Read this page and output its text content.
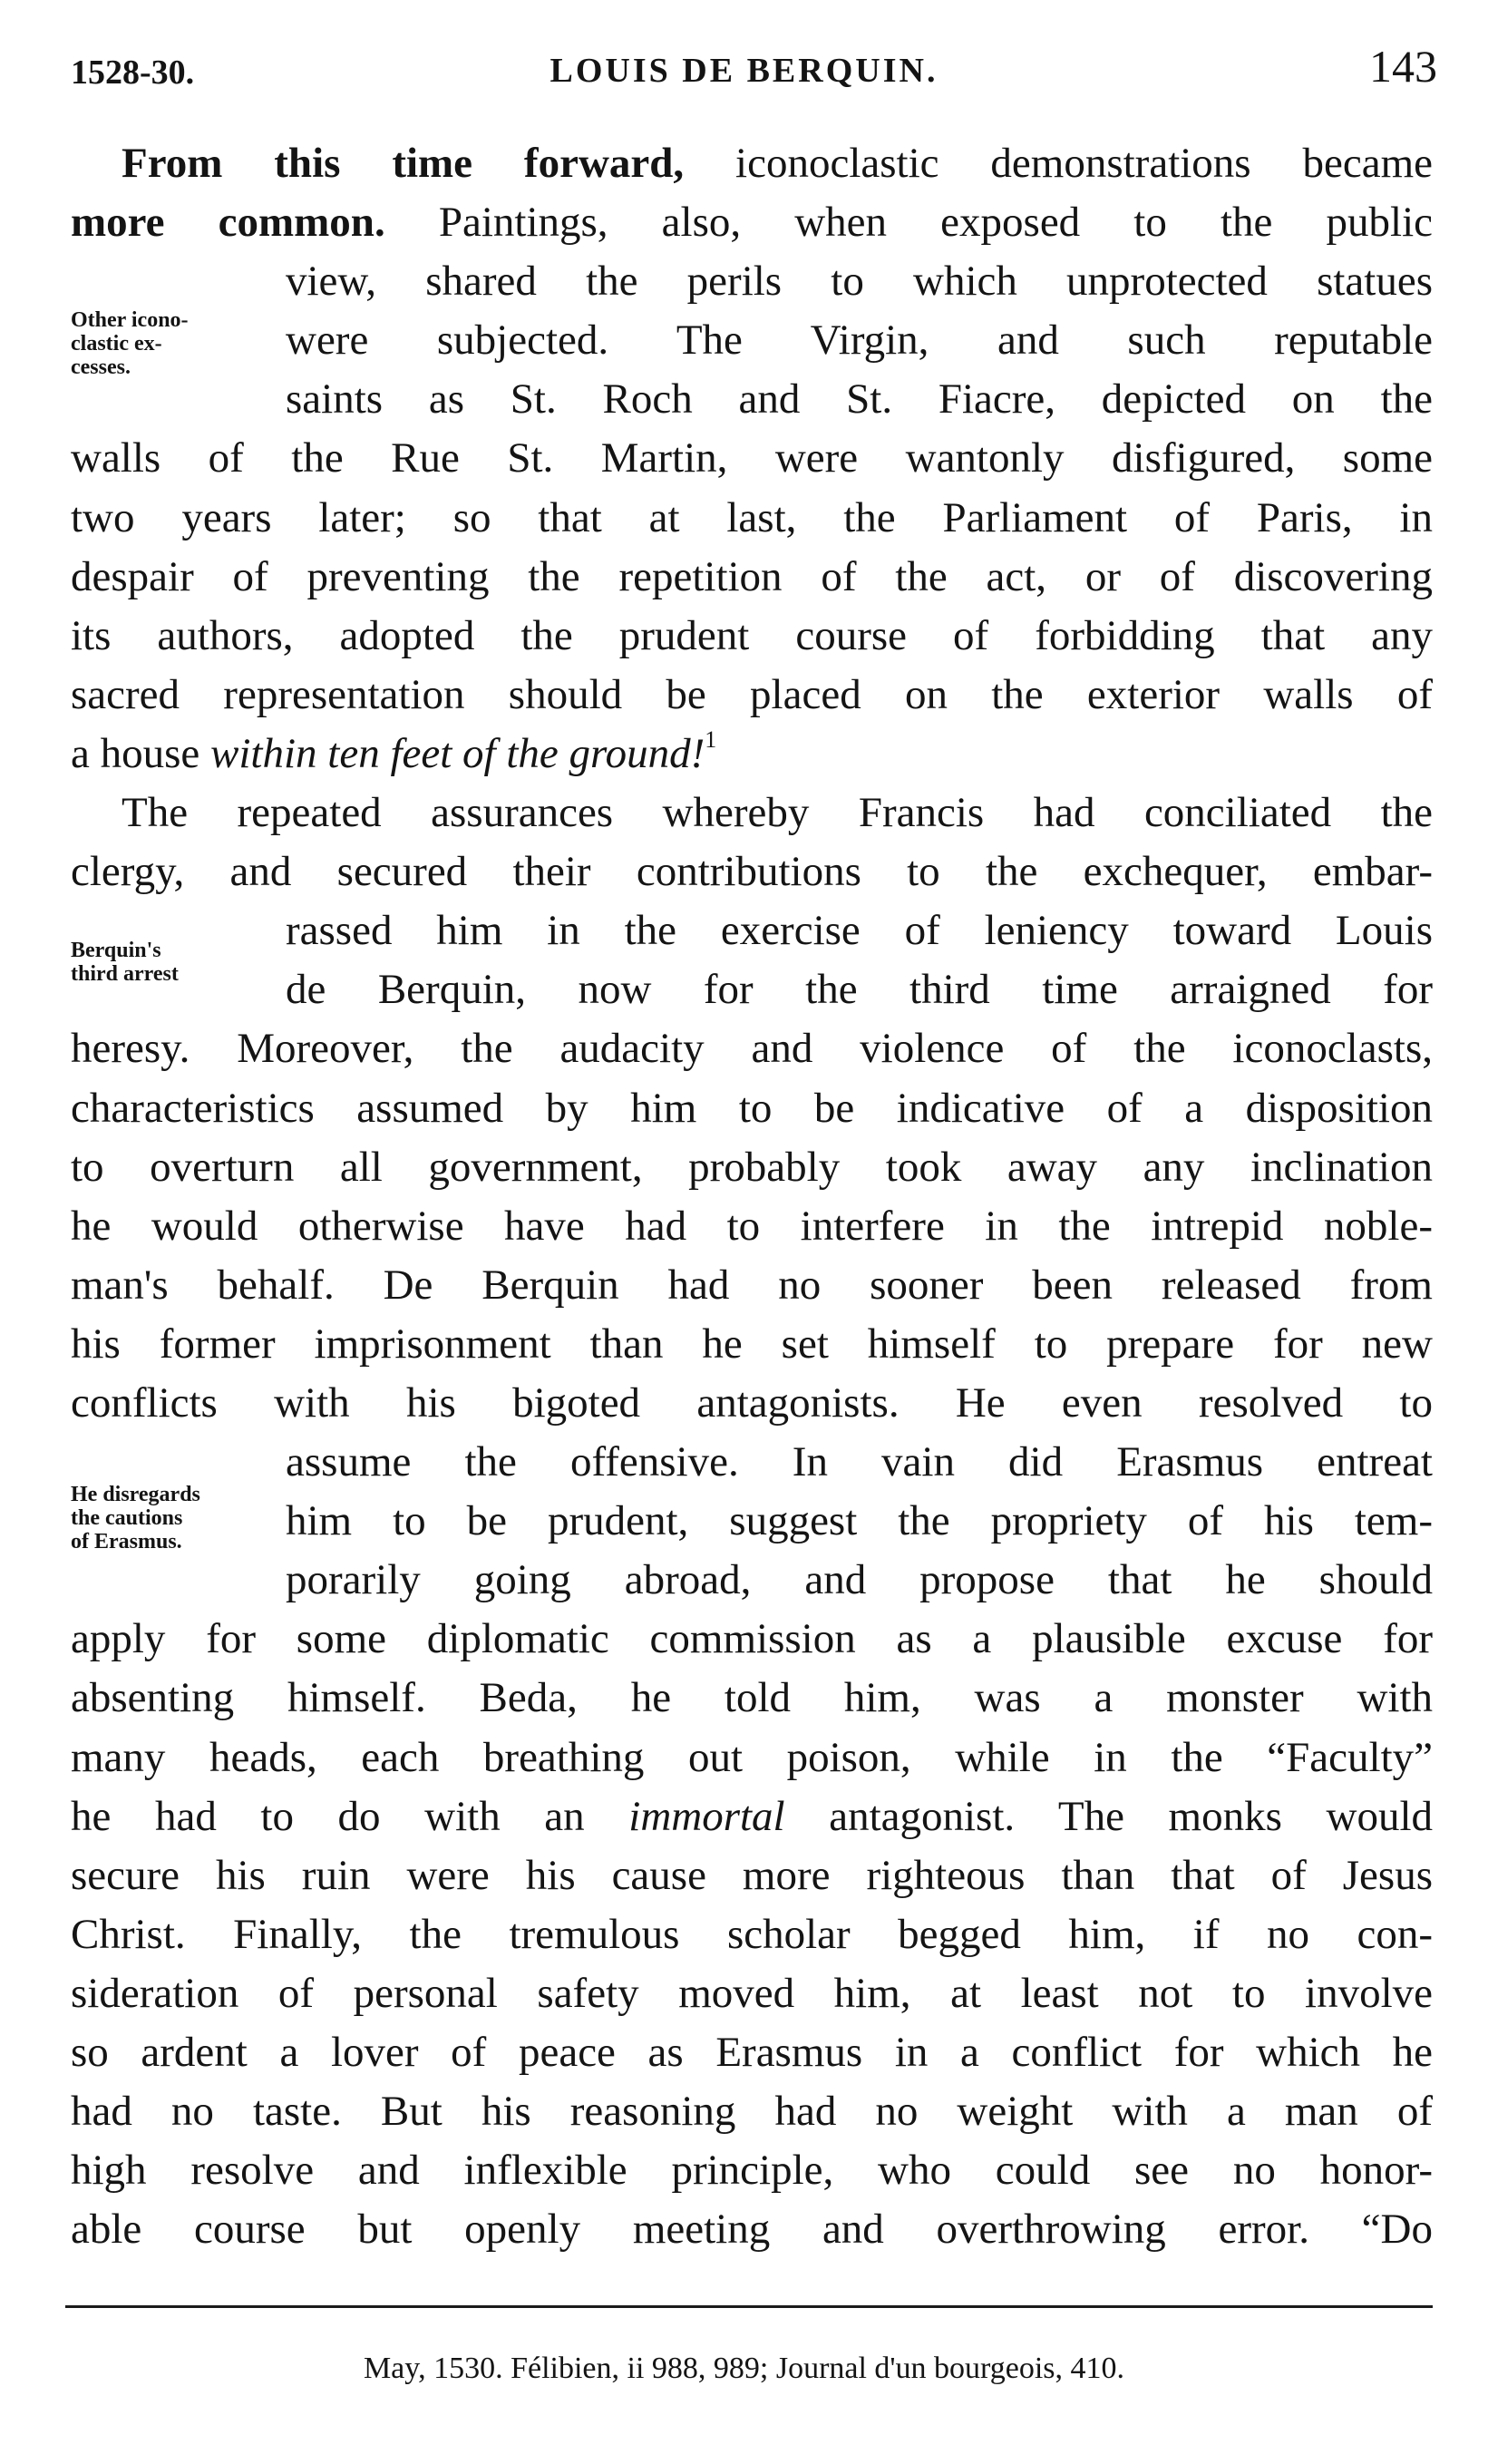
1528-30.	LOUIS DE BERQUIN.	143
Other icono-
clastic ex-
cesses.
Berquin's
third arrest
He disregards
the cautions
of Erasmus.
From this time forward, iconoclastic demonstrations became
more common. Paintings, also, when exposed to the public
view, shared the perils to which unprotected statues
were subjected. The Virgin, and such reputable
saints as St. Roch and St. Fiacre, depicted on the
walls of the Rue St. Martin, were wantonly disfigured, some
two years later; so that at last, the Parliament of Paris, in
despair of preventing the repetition of the act, or of discovering
its authors, adopted the prudent course of forbidding that any
sacred representation should be placed on the exterior walls of
a house within ten feet of the ground!$^1$
The repeated assurances whereby Francis had conciliated the
clergy, and secured their contributions to the exchequer, embar-
rassed him in the exercise of leniency toward Louis
de Berquin, now for the third time arraigned for
heresy. Moreover, the audacity and violence of the iconoclasts,
characteristics assumed by him to be indicative of a disposition
to overturn all government, probably took away any inclination
he would otherwise have had to interfere in the intrepid noble-
man's behalf. De Berquin had no sooner been released from
his former imprisonment than he set himself to prepare for new
conflicts with his bigoted antagonists. He even resolved to
assume the offensive. In vain did Erasmus entreat
him to be prudent, suggest the propriety of his tem-
porarily going abroad, and propose that he should
apply for some diplomatic commission as a plausible excuse for
absenting himself. Beda, he told him, was a monster with
many heads, each breathing out poison, while in the “Faculty”
he had to do with an immortal antagonist. The monks would
secure his ruin were his cause more righteous than that of Jesus
Christ. Finally, the tremulous scholar begged him, if no con-
sideration of personal safety moved him, at least not to involve
so ardent a lover of peace as Erasmus in a conflict for which he
had no taste. But his reasoning had no weight with a man of
high resolve and inflexible principle, who could see no honor-
able course but openly meeting and overthrowing error. “Do
May, 1530. Félibien, ii 988, 989; Journal d'un bourgeois, 410.
